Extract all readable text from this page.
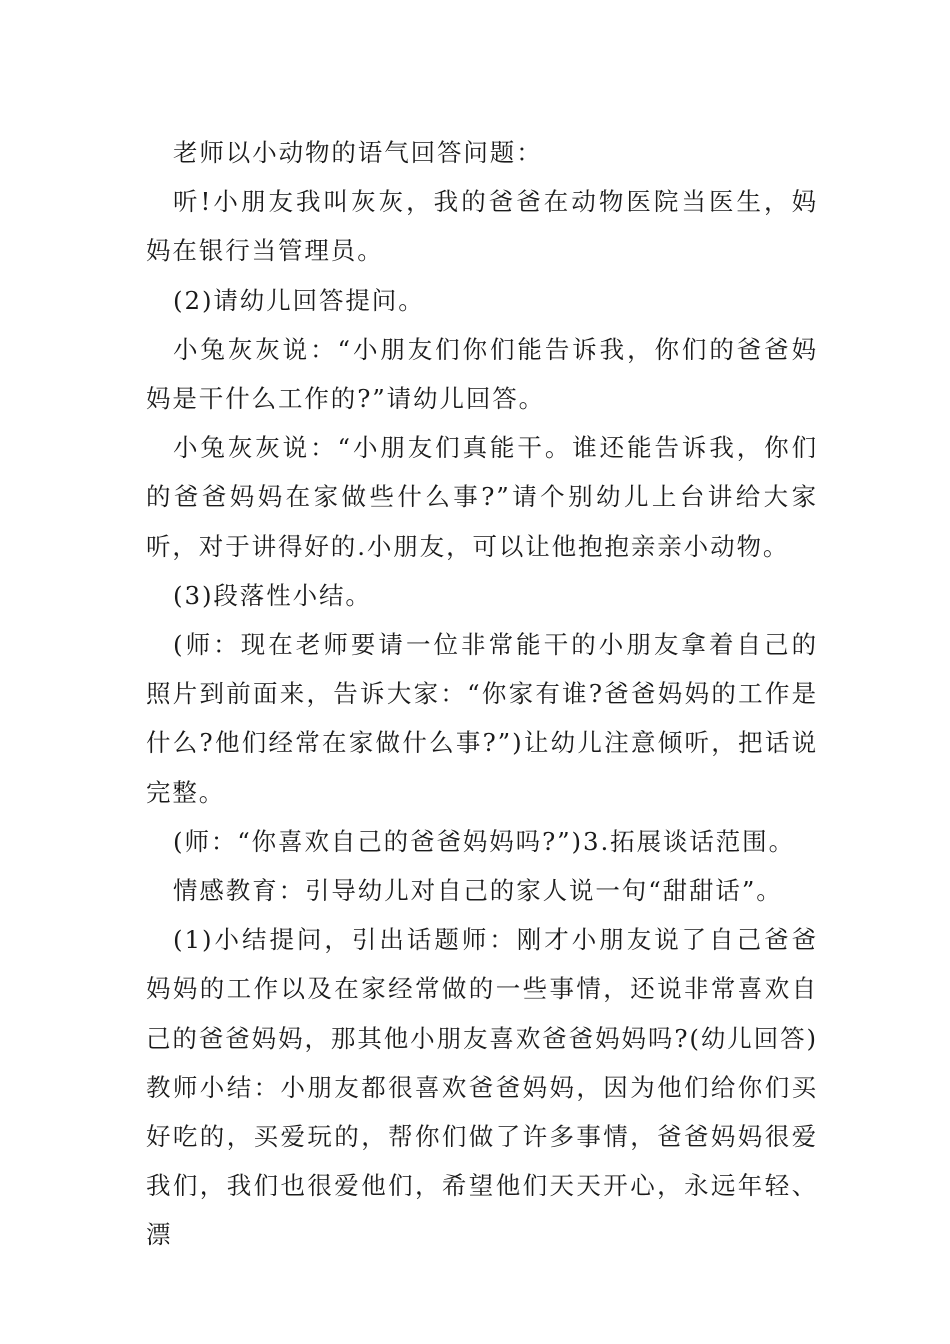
老师以小动物的语气回答问题：

听!小朋友我叫灰灰，我的爸爸在动物医院当医生，妈妈在银行当管理员。

(2)请幼儿回答提问。

小兔灰灰说：“小朋友们你们能告诉我，你们的爸爸妈妈是干什么工作的?”请幼儿回答。

小兔灰灰说：“小朋友们真能干。谁还能告诉我，你们的爸爸妈妈在家做些什么事?”请个别幼儿上台讲给大家听，对于讲得好的.小朋友，可以让他抱抱亲亲小动物。

(3)段落性小结。

(师：现在老师要请一位非常能干的小朋友拿着自己的照片到前面来，告诉大家：“你家有谁?爸爸妈妈的工作是什么?他们经常在家做什么事?”)让幼儿注意倾听，把话说完整。

(师：“你喜欢自己的爸爸妈妈吗?”)3.拓展谈话范围。

情感教育：引导幼儿对自己的家人说一句“甜甜话”。

(1)小结提问，引出话题师：刚才小朋友说了自己爸爸妈妈的工作以及在家经常做的一些事情，还说非常喜欢自己的爸爸妈妈，那其他小朋友喜欢爸爸妈妈吗?(幼儿回答)教师小结：小朋友都很喜欢爸爸妈妈，因为他们给你们买好吃的，买爱玩的，帮你们做了许多事情，爸爸妈妈很爱我们，我们也很爱他们，希望他们天天开心，永远年轻、漂
